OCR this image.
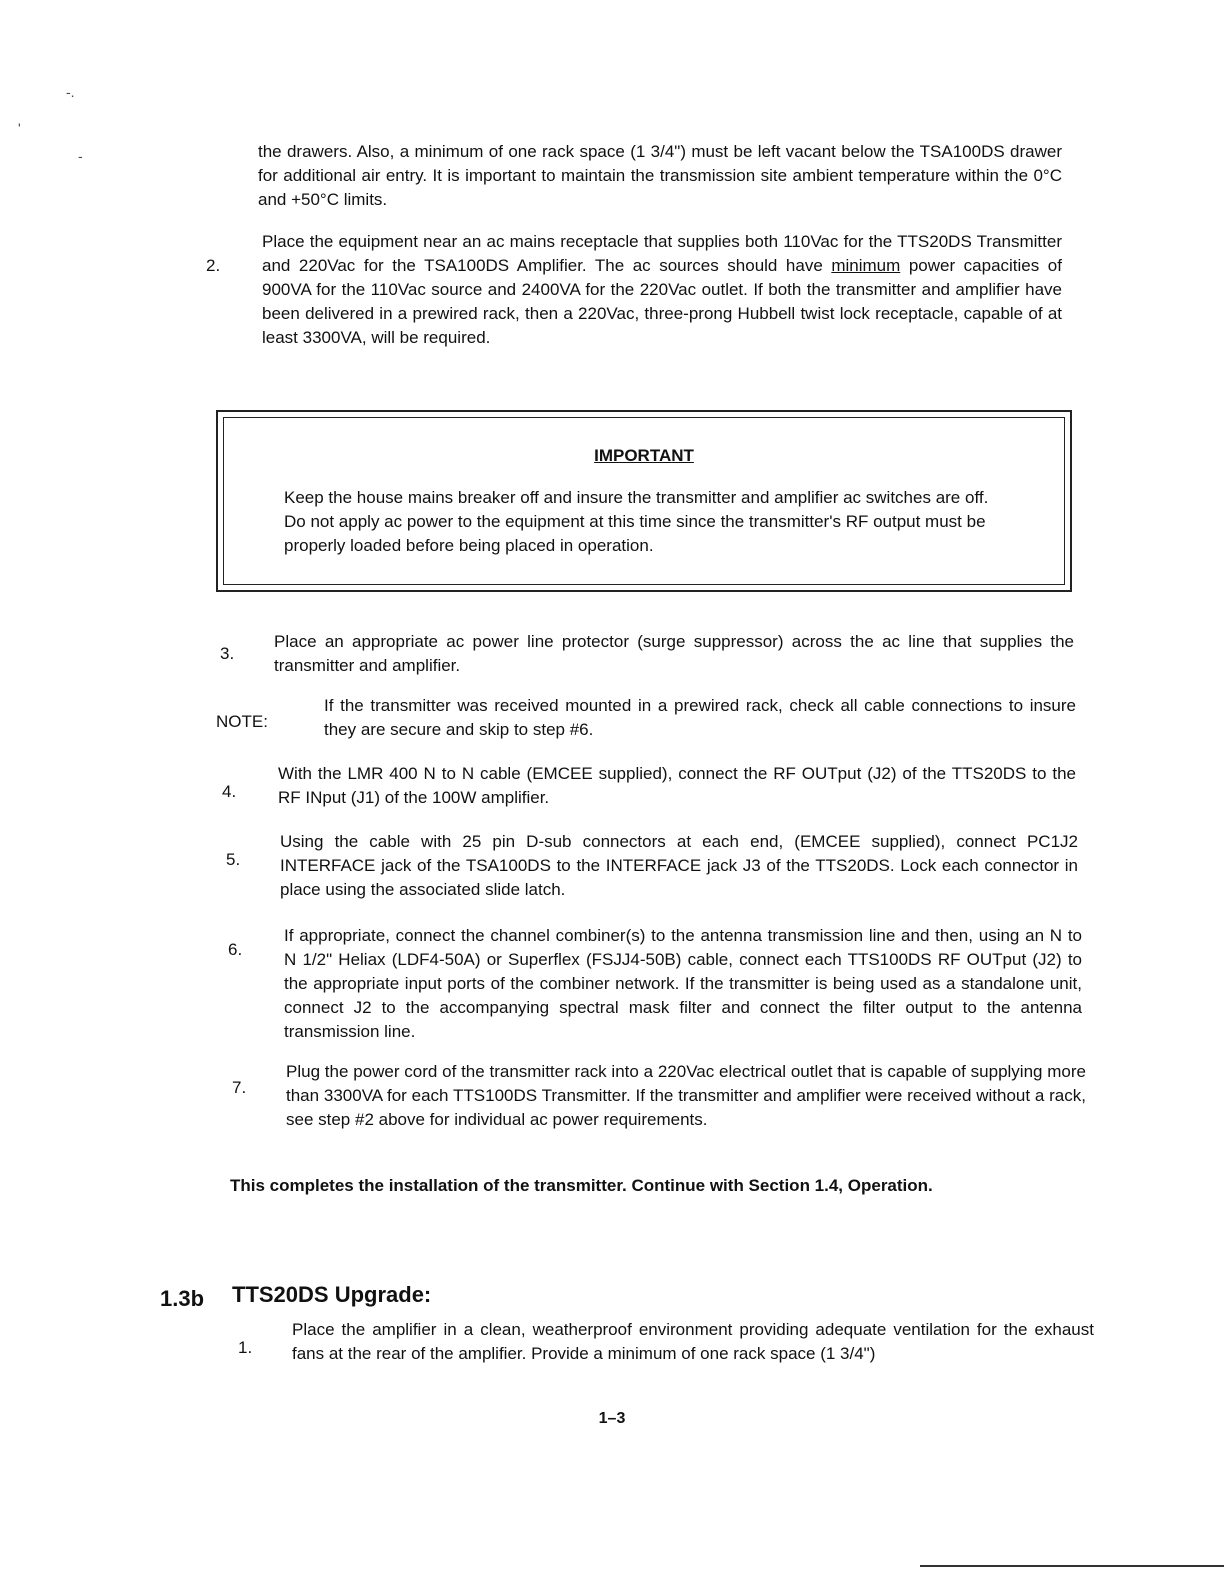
-.
'
-	the drawers. Also, a minimum of one rack space (1 3/4") must be left vacant below the TSA100DS drawer for additional air entry. It is important to maintain the transmission site ambient temperature within the 0°C and +50°C limits.
2.
Place the equipment near an ac mains receptacle that supplies both 110Vac for the TTS20DS Transmitter and 220Vac for the TSA100DS Amplifier. The ac sources should have minimum power capacities of 900VA for the 110Vac source and 2400VA for the 220Vac outlet. If both the transmitter and amplifier have been delivered in a prewired rack, then a 220Vac, three-prong Hubbell twist lock receptacle, capable of at least 3300VA, will be required.
IMPORTANT
Keep the house mains breaker off and insure the transmitter and amplifier ac switches are off. Do not apply ac power to the equipment at this time since the transmitter's RF output must be properly loaded before being placed in operation.
3.
Place an appropriate ac power line protector (surge suppressor) across the ac line that supplies the transmitter and amplifier.
NOTE:
If the transmitter was received mounted in a prewired rack, check all cable connections to insure they are secure and skip to step #6.
4.
With the LMR 400 N to N cable (EMCEE supplied), connect the RF OUTput (J2) of the TTS20DS to the RF INput (J1) of the 100W amplifier.
5.
Using the cable with 25 pin D-sub connectors at each end, (EMCEE supplied), connect PC1J2 INTERFACE jack of the TSA100DS to the INTERFACE jack J3 of the TTS20DS. Lock each connector in place using the associated slide latch.
6.
If appropriate, connect the channel combiner(s) to the antenna transmission line and then, using an N to N 1/2" Heliax (LDF4-50A) or Superflex (FSJJ4-50B) cable, connect each TTS100DS RF OUTput (J2) to the appropriate input ports of the combiner network. If the transmitter is being used as a standalone unit, connect J2 to the accompanying spectral mask filter and connect the filter output to the antenna transmission line.
7.
Plug the power cord of the transmitter rack into a 220Vac electrical outlet that is capable of supplying more than 3300VA for each TTS100DS Transmitter. If the transmitter and amplifier were received without a rack, see step #2 above for individual ac power requirements.
This completes the installation of the transmitter. Continue with Section 1.4, Operation.
1.3b TTS20DS Upgrade:
1.
Place the amplifier in a clean, weatherproof environment providing adequate ventilation for the exhaust fans at the rear of the amplifier. Provide a minimum of one rack space (1 3/4")
1–3
